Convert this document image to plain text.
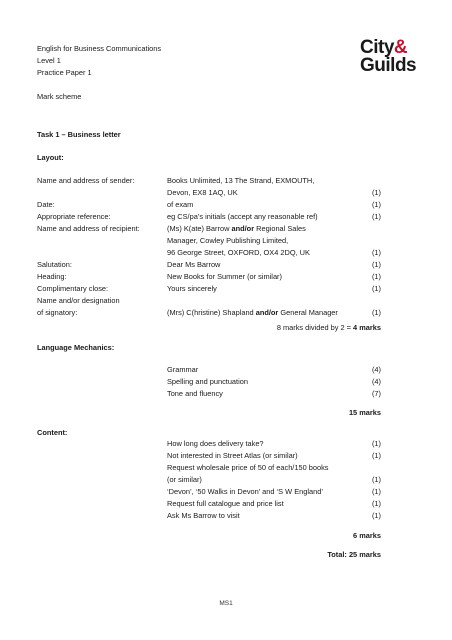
English for Business Communications
Level 1
Practice Paper 1
Mark scheme
City&
Guilds
Task 1 – Business letter
Layout:
Name and address of sender:	Books Unlimited, 13 The Strand, EXMOUTH,
Devon, EX8 1AQ, UK	(1)
Date:	of exam	(1)
Appropriate reference:	eg CS/pa’s initials (accept any reasonable ref)	(1)
Name and address of recipient:	(Ms) K(ate) Barrow and/or Regional Sales
Manager, Cowley Publishing Limited,
96 George Street, OXFORD, OX4 2DQ, UK	(1)
Salutation:	Dear Ms Barrow	(1)
Heading:	New Books for Summer (or similar)	(1)
Complimentary close:	Yours sincerely	(1)
Name and/or designation
of signatory:	(Mrs) C(hristine) Shapland and/or General Manager	(1)
8 marks divided by 2 = 4 marks
Language Mechanics:
Grammar	(4)
Spelling and punctuation	(4)
Tone and fluency	(7)
15 marks
Content:
How long does delivery take?	(1)
Not interested in Street Atlas (or similar)	(1)
Request wholesale price of 50 of each/150 books
(or similar)	(1)
‘Devon’, ‘50 Walks in Devon’ and ‘S W England’	(1)
Request full catalogue and price list	(1)
Ask Ms Barrow to visit	(1)
6 marks
Total: 25 marks
MS1
